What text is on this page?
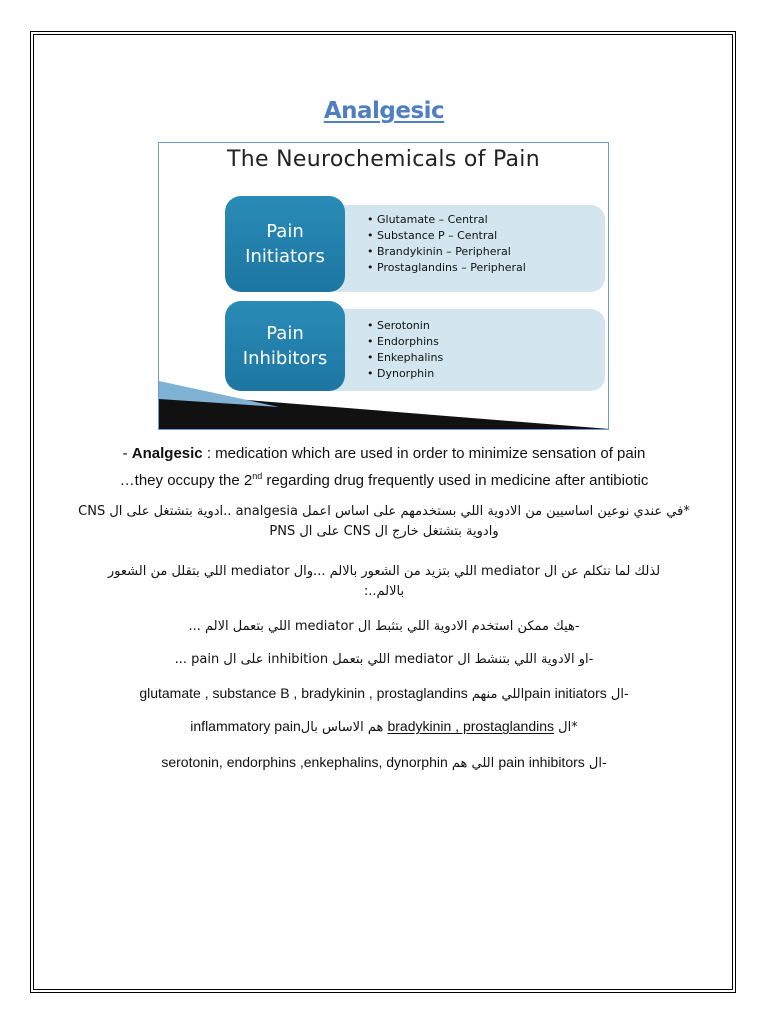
Analgesic
The Neurochemicals of Pain
Pain
Initiators
• Glutamate – Central
• Substance P – Central
• Brandykinin – Peripheral
• Prostaglandins – Peripheral
Pain
Inhibitors
• Serotonin
• Endorphins
• Enkephalins
• Dynorphin
- Analgesic : medication which are used in order to minimize sensation of pain
…they occupy the 2nd regarding drug frequently used in medicine after antibiotic
*في عندي نوعين اساسيين من الادوية اللي بستخدمهم على اساس اعمل analgesia ..ادوية بتشتغل على ال CNS وادوية بتشتغل خارج ال CNS على ال PNS
لذلك لما نتكلم عن ال mediator اللي بتزيد من الشعور بالالم ...وال mediator اللي بتقلل من الشعور بالالم..:
-هيك ممكن استخدم الادوية اللي بتثبط ال mediator اللي بتعمل الالم ...
-او الادوية اللي بتنشط ال mediator اللي بتعمل inhibition على ال pain ...
-ال pain initiatorsاللي منهم glutamate , substance B , bradykinin , prostaglandins
*ال bradykinin , prostaglandins هم الاساس بالinflammatory pain
-ال pain inhibitors اللي هم serotonin, endorphins ,enkephalins, dynorphin
